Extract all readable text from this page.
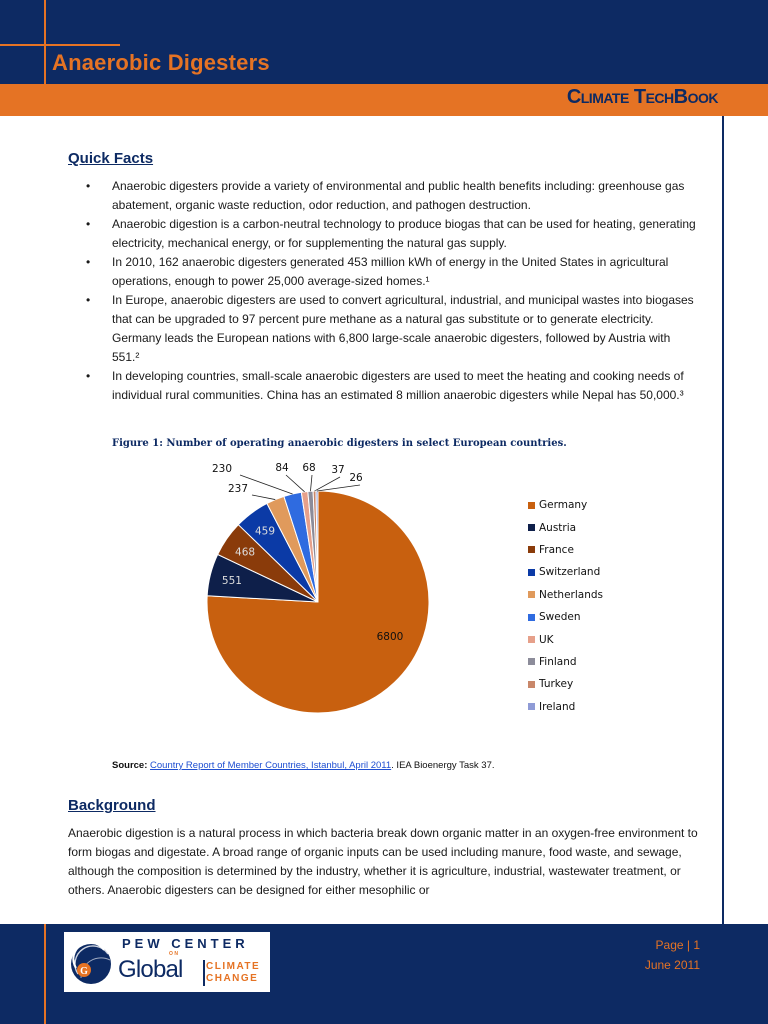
Anaerobic Digesters
Climate TechBook
Quick Facts
• Anaerobic digesters provide a variety of environmental and public health benefits including: greenhouse gas abatement, organic waste reduction, odor reduction, and pathogen destruction.
• Anaerobic digestion is a carbon-neutral technology to produce biogas that can be used for heating, generating electricity, mechanical energy, or for supplementing the natural gas supply.
• In 2010, 162 anaerobic digesters generated 453 million kWh of energy in the United States in agricultural operations, enough to power 25,000 average-sized homes.¹
• In Europe, anaerobic digesters are used to convert agricultural, industrial, and municipal wastes into biogases that can be upgraded to 97 percent pure methane as a natural gas substitute or to generate electricity. Germany leads the European nations with 6,800 large-scale anaerobic digesters, followed by Austria with 551.²
• In developing countries, small-scale anaerobic digesters are used to meet the heating and cooking needs of individual rural communities. China has an estimated 8 million anaerobic digesters while Nepal has 50,000.³
Figure 1: Number of operating anaerobic digesters in select European countries.
6800
551
468
459
237
230	84 68 37
26
Germany
Austria
France
Switzerland
Netherlands
Sweden
UK
Finland
Turkey
Ireland
Source: Country Report of Member Countries, Istanbul, April 2011. IEA Bioenergy Task 37.
Background

Anaerobic digestion is a natural process in which bacteria break down organic matter in an oxygen-free environment to form biogas and digestate. A broad range of organic inputs can be used including manure, food waste, and sewage, although the composition is determined by the industry, whether it is agriculture, industrial, wastewater treatment, or others. Anaerobic digesters can be designed for either mesophilic or

G
PEW CENTER
ON
Global CLIMATE
CHANGE
Page | 1
June 2011
